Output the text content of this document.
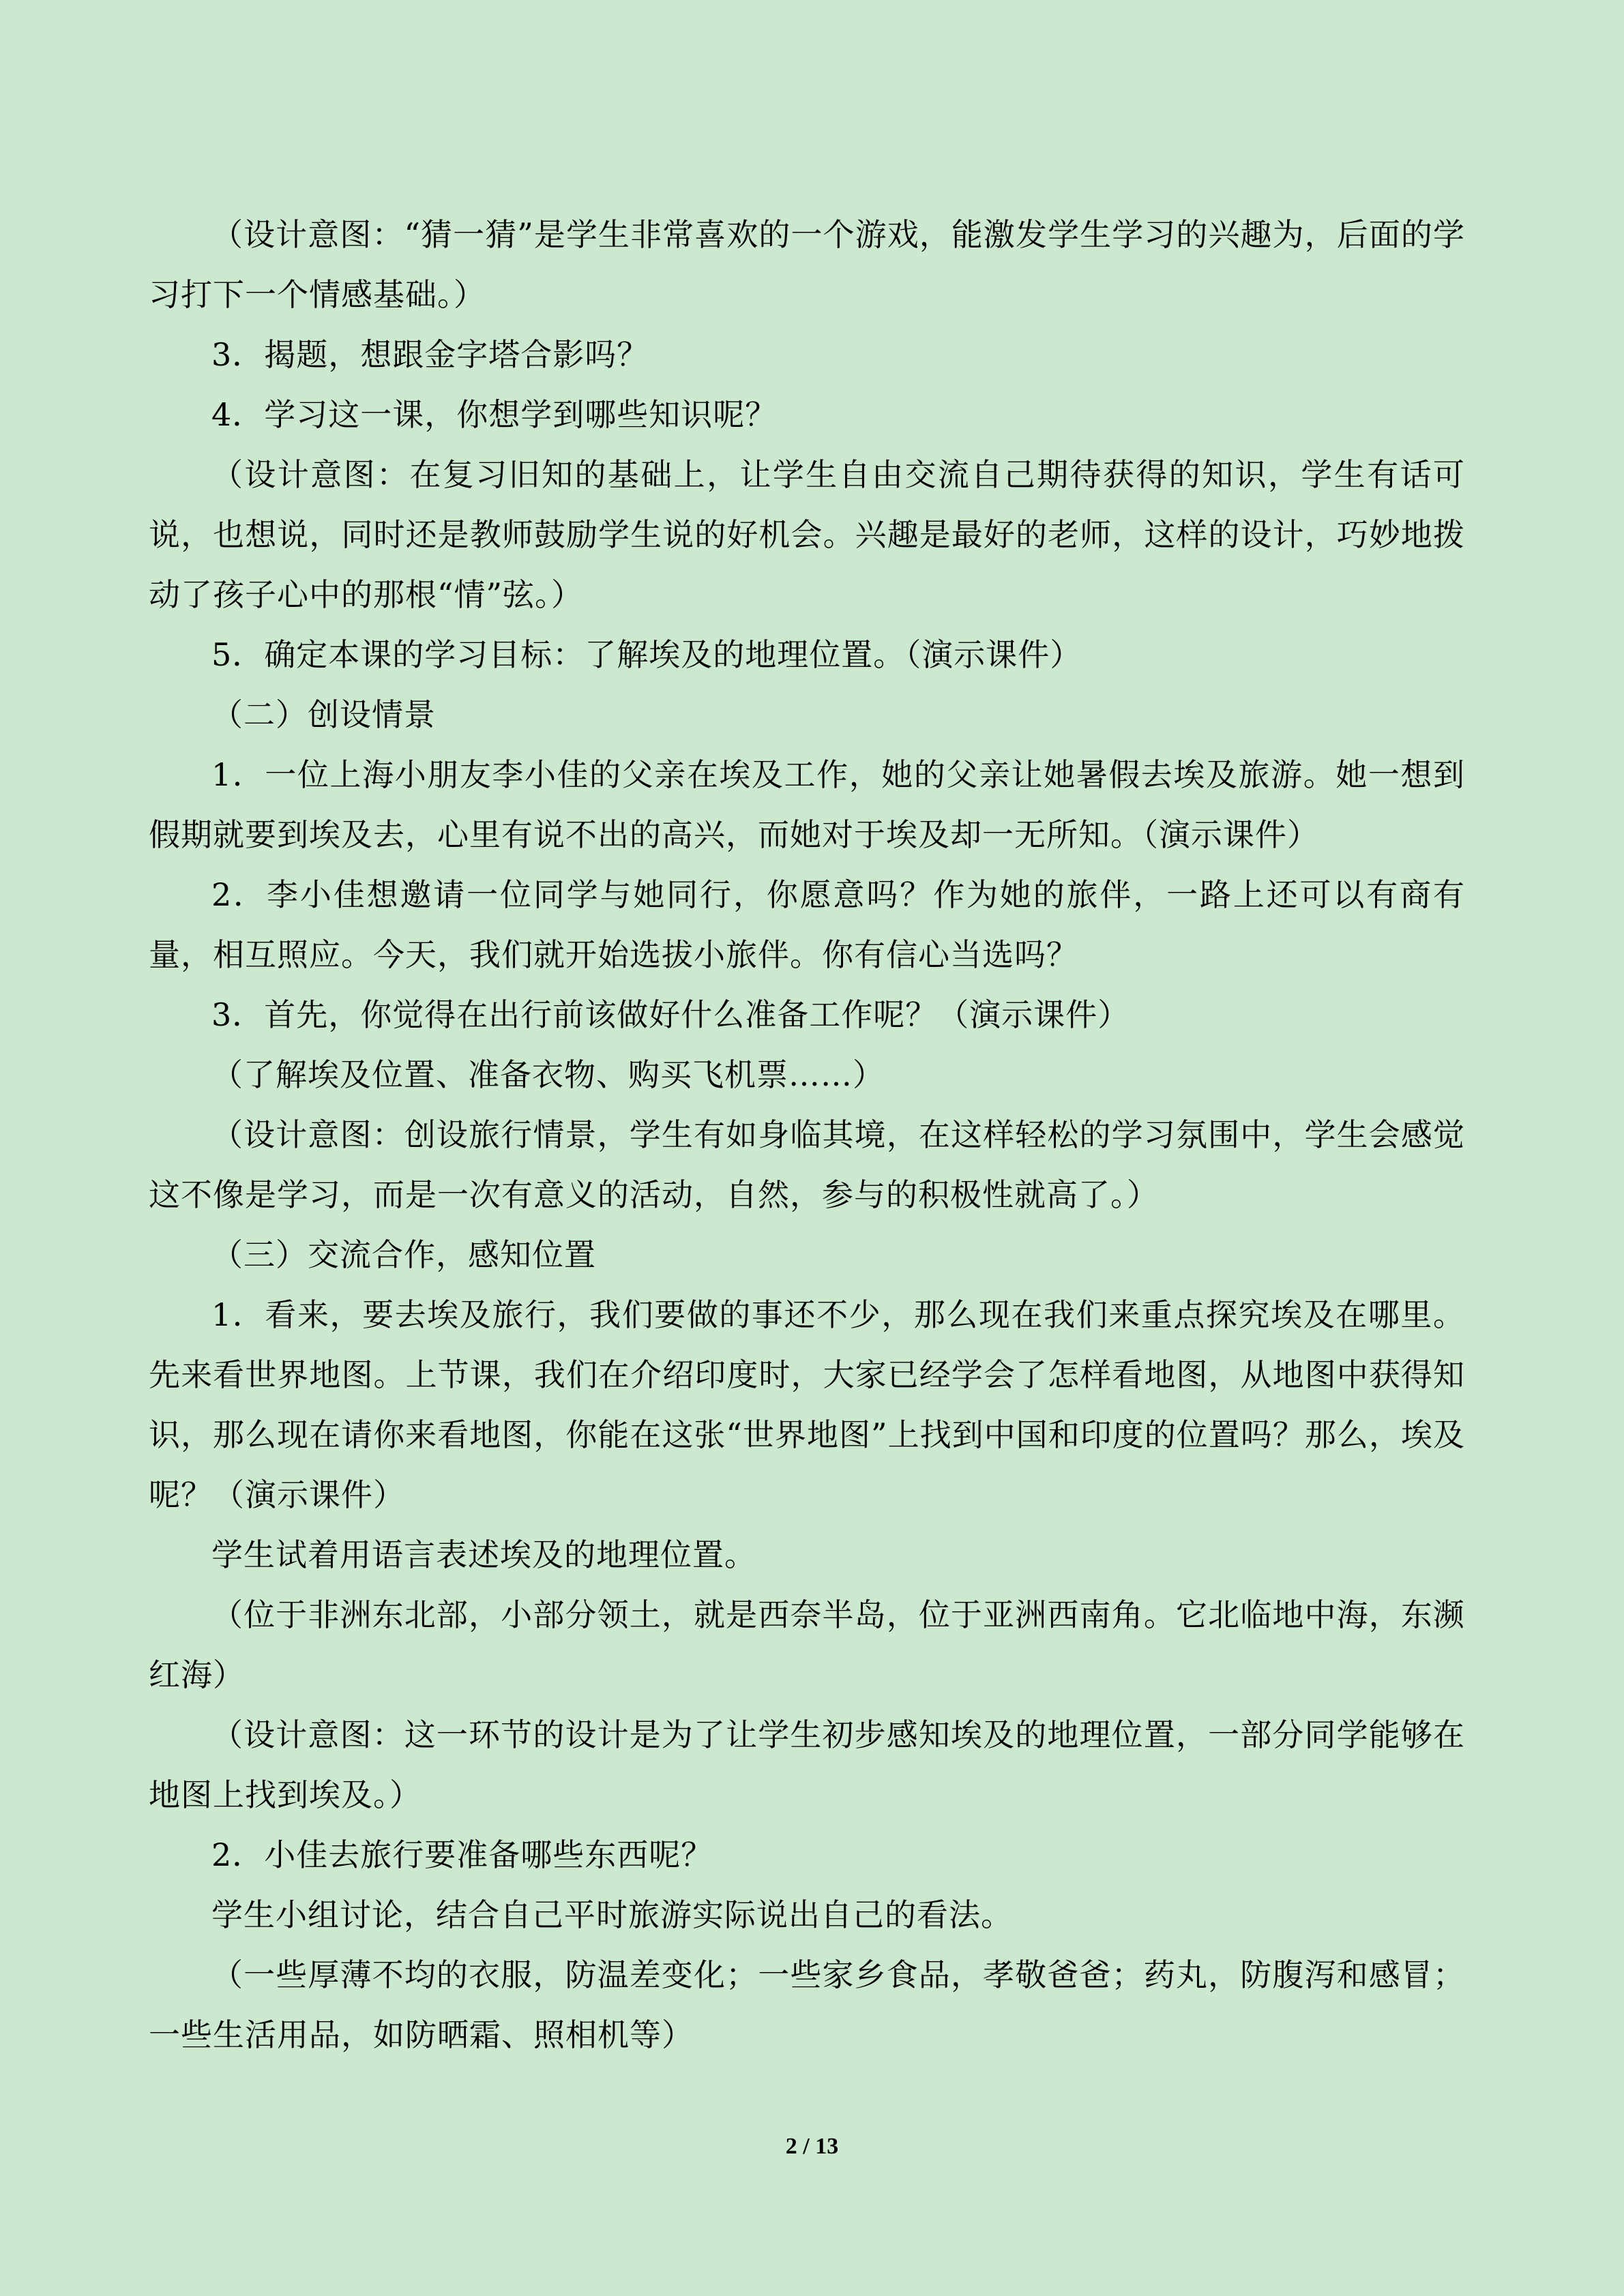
（设计意图：“猜一猜”是学生非常喜欢的一个游戏，能激发学生学习的兴趣为，后面的学习打下一个情感基础。）

3．揭题，想跟金字塔合影吗？

4．学习这一课，你想学到哪些知识呢？

（设计意图：在复习旧知的基础上，让学生自由交流自己期待获得的知识，学生有话可说，也想说，同时还是教师鼓励学生说的好机会。兴趣是最好的老师，这样的设计，巧妙地拨动了孩子心中的那根“情”弦。）

5．确定本课的学习目标：了解埃及的地理位置。（演示课件）

（二）创设情景

1．一位上海小朋友李小佳的父亲在埃及工作，她的父亲让她暑假去埃及旅游。她一想到假期就要到埃及去，心里有说不出的高兴，而她对于埃及却一无所知。（演示课件）

2．李小佳想邀请一位同学与她同行，你愿意吗？作为她的旅伴，一路上还可以有商有量，相互照应。今天，我们就开始选拔小旅伴。你有信心当选吗？

3．首先，你觉得在出行前该做好什么准备工作呢？（演示课件）

（了解埃及位置、准备衣物、购买飞机票……）

（设计意图：创设旅行情景，学生有如身临其境，在这样轻松的学习氛围中，学生会感觉这不像是学习，而是一次有意义的活动，自然，参与的积极性就高了。）

（三）交流合作，感知位置

1．看来，要去埃及旅行，我们要做的事还不少，那么现在我们来重点探究埃及在哪里。先来看世界地图。上节课，我们在介绍印度时，大家已经学会了怎样看地图，从地图中获得知识，那么现在请你来看地图，你能在这张“世界地图”上找到中国和印度的位置吗？那么，埃及呢？（演示课件）

学生试着用语言表述埃及的地理位置。

（位于非洲东北部，小部分领土，就是西奈半岛，位于亚洲西南角。它北临地中海，东濒红海）

（设计意图：这一环节的设计是为了让学生初步感知埃及的地理位置，一部分同学能够在地图上找到埃及。）

2．小佳去旅行要准备哪些东西呢？

学生小组讨论，结合自己平时旅游实际说出自己的看法。

（一些厚薄不均的衣服，防温差变化；一些家乡食品，孝敬爸爸；药丸，防腹泻和感冒；一些生活用品，如防晒霜、照相机等）

2 / 13
